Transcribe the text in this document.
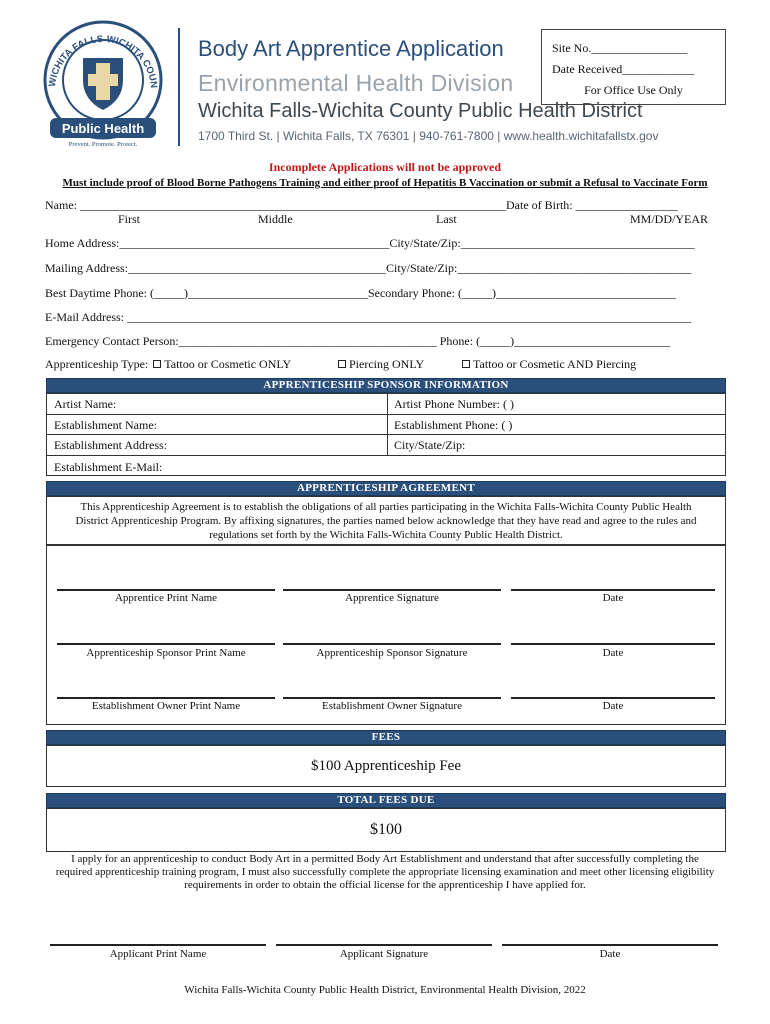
WICHITA FALLS-WICHITA COUN
Public Health
Prevent. Promote. Protect.
Body Art Apprentice Application
Environmental Health Division
Wichita Falls-Wichita County Public Health District
1700 Third St. | Wichita Falls, TX 76301 | 940-761-7800 | www.health.wichitafallstx.gov
Site No.________________
Date Received____________
For Office Use Only
Incomplete Applications will not be approved
Must include proof of Blood Borne Pathogens Training and either proof of Hepatitis B Vaccination or submit a Refusal to Vaccinate Form
Name: _______________________________________________________________________Date of Birth: _________________
First	Middle	Last	MM/DD/YEAR
Home Address:_____________________________________________City/State/Zip:_______________________________________
Mailing Address:___________________________________________City/State/Zip:_______________________________________
Best Daytime Phone: (_____)______________________________Secondary Phone: (_____)______________________________
E-Mail Address: ______________________________________________________________________________________________
Emergency Contact Person:___________________________________________ Phone: (_____)__________________________
Apprenticeship Type: Tattoo or Cosmetic ONLY	Piercing ONLY	Tattoo or Cosmetic AND Piercing
APPRENTICESHIP SPONSOR INFORMATION
Artist Name:	Artist Phone Number: ( )
Establishment Name:	Establishment Phone: ( )
Establishment Address:	City/State/Zip:
Establishment E-Mail:
APPRENTICESHIP AGREEMENT
This Apprenticeship Agreement is to establish the obligations of all parties participating in the Wichita Falls-Wichita County Public Health District Apprenticeship Program. By affixing signatures, the parties named below acknowledge that they have read and agree to the rules and regulations set forth by the Wichita Falls-Wichita County Public Health District.
Apprentice Print Name	Apprentice Signature	Date
Apprenticeship Sponsor Print Name	Apprenticeship Sponsor Signature	Date
Establishment Owner Print Name	Establishment Owner Signature	Date
FEES
$100 Apprenticeship Fee
TOTAL FEES DUE
$100
I apply for an apprenticeship to conduct Body Art in a permitted Body Art Establishment and understand that after successfully completing the required apprenticeship training program, I must also successfully complete the appropriate licensing examination and meet other licensing eligibility requirements in order to obtain the official license for the apprenticeship I have applied for.
Applicant Print Name	Applicant Signature	Date
Wichita Falls-Wichita County Public Health District, Environmental Health Division, 2022
